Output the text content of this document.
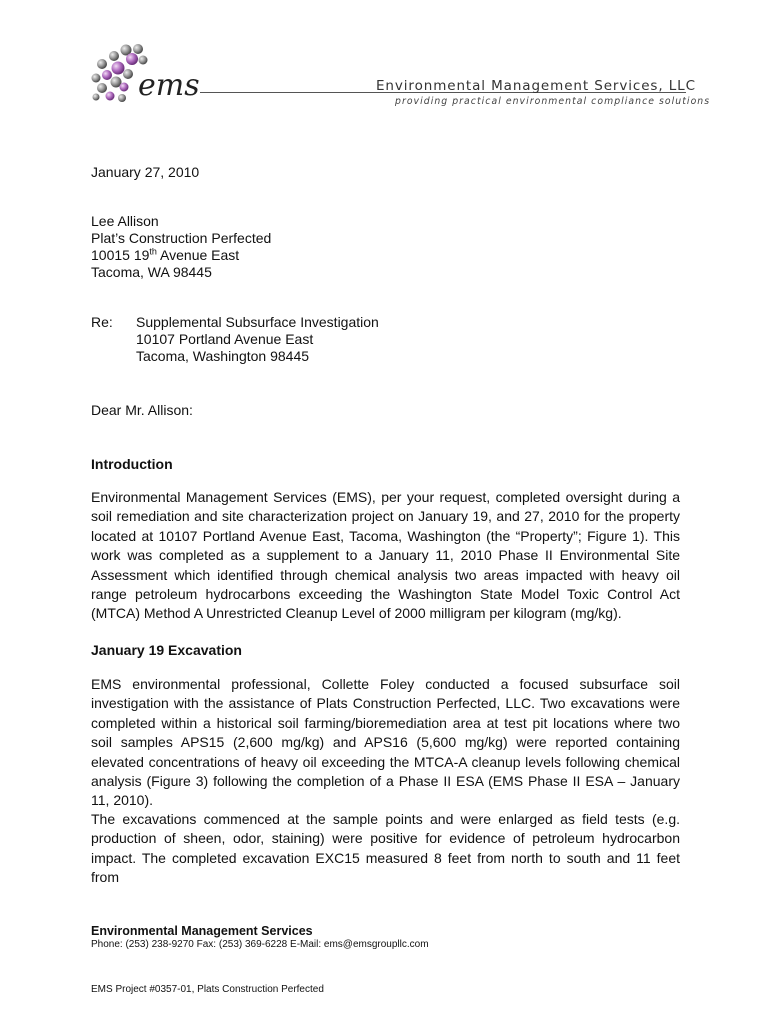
ems	Environmental Management Services, LLC
providing practical environmental compliance solutions
January 27, 2010
Lee Allison
Plat’s Construction Perfected
10015 19th Avenue East
Tacoma, WA 98445
Re: Supplemental Subsurface Investigation
10107 Portland Avenue East
Tacoma, Washington 98445
Dear Mr. Allison:
Introduction
Environmental Management Services (EMS), per your request, completed oversight during a soil remediation and site characterization project on January 19, and 27, 2010 for the property located at 10107 Portland Avenue East, Tacoma, Washington (the “Property”; Figure 1). This work was completed as a supplement to a January 11, 2010 Phase II Environmental Site Assessment which identified through chemical analysis two areas impacted with heavy oil range petroleum hydrocarbons exceeding the Washington State Model Toxic Control Act (MTCA) Method A Unrestricted Cleanup Level of 2000 milligram per kilogram (mg/kg).
January 19 Excavation
EMS environmental professional, Collette Foley conducted a focused subsurface soil investigation with the assistance of Plats Construction Perfected, LLC. Two excavations were completed within a historical soil farming/bioremediation area at test pit locations where two soil samples APS15 (2,600 mg/kg) and APS16 (5,600 mg/kg) were reported containing elevated concentrations of heavy oil exceeding the MTCA-A cleanup levels following chemical analysis (Figure 3) following the completion of a Phase II ESA (EMS Phase II ESA – January 11, 2010).
The excavations commenced at the sample points and were enlarged as field tests (e.g. production of sheen, odor, staining) were positive for evidence of petroleum hydrocarbon impact. The completed excavation EXC15 measured 8 feet from north to south and 11 feet from
Environmental Management Services
Phone: (253) 238-9270 Fax: (253) 369-6228 E-Mail: ems@emsgroupllc.com
EMS Project #0357-01, Plats Construction Perfected
